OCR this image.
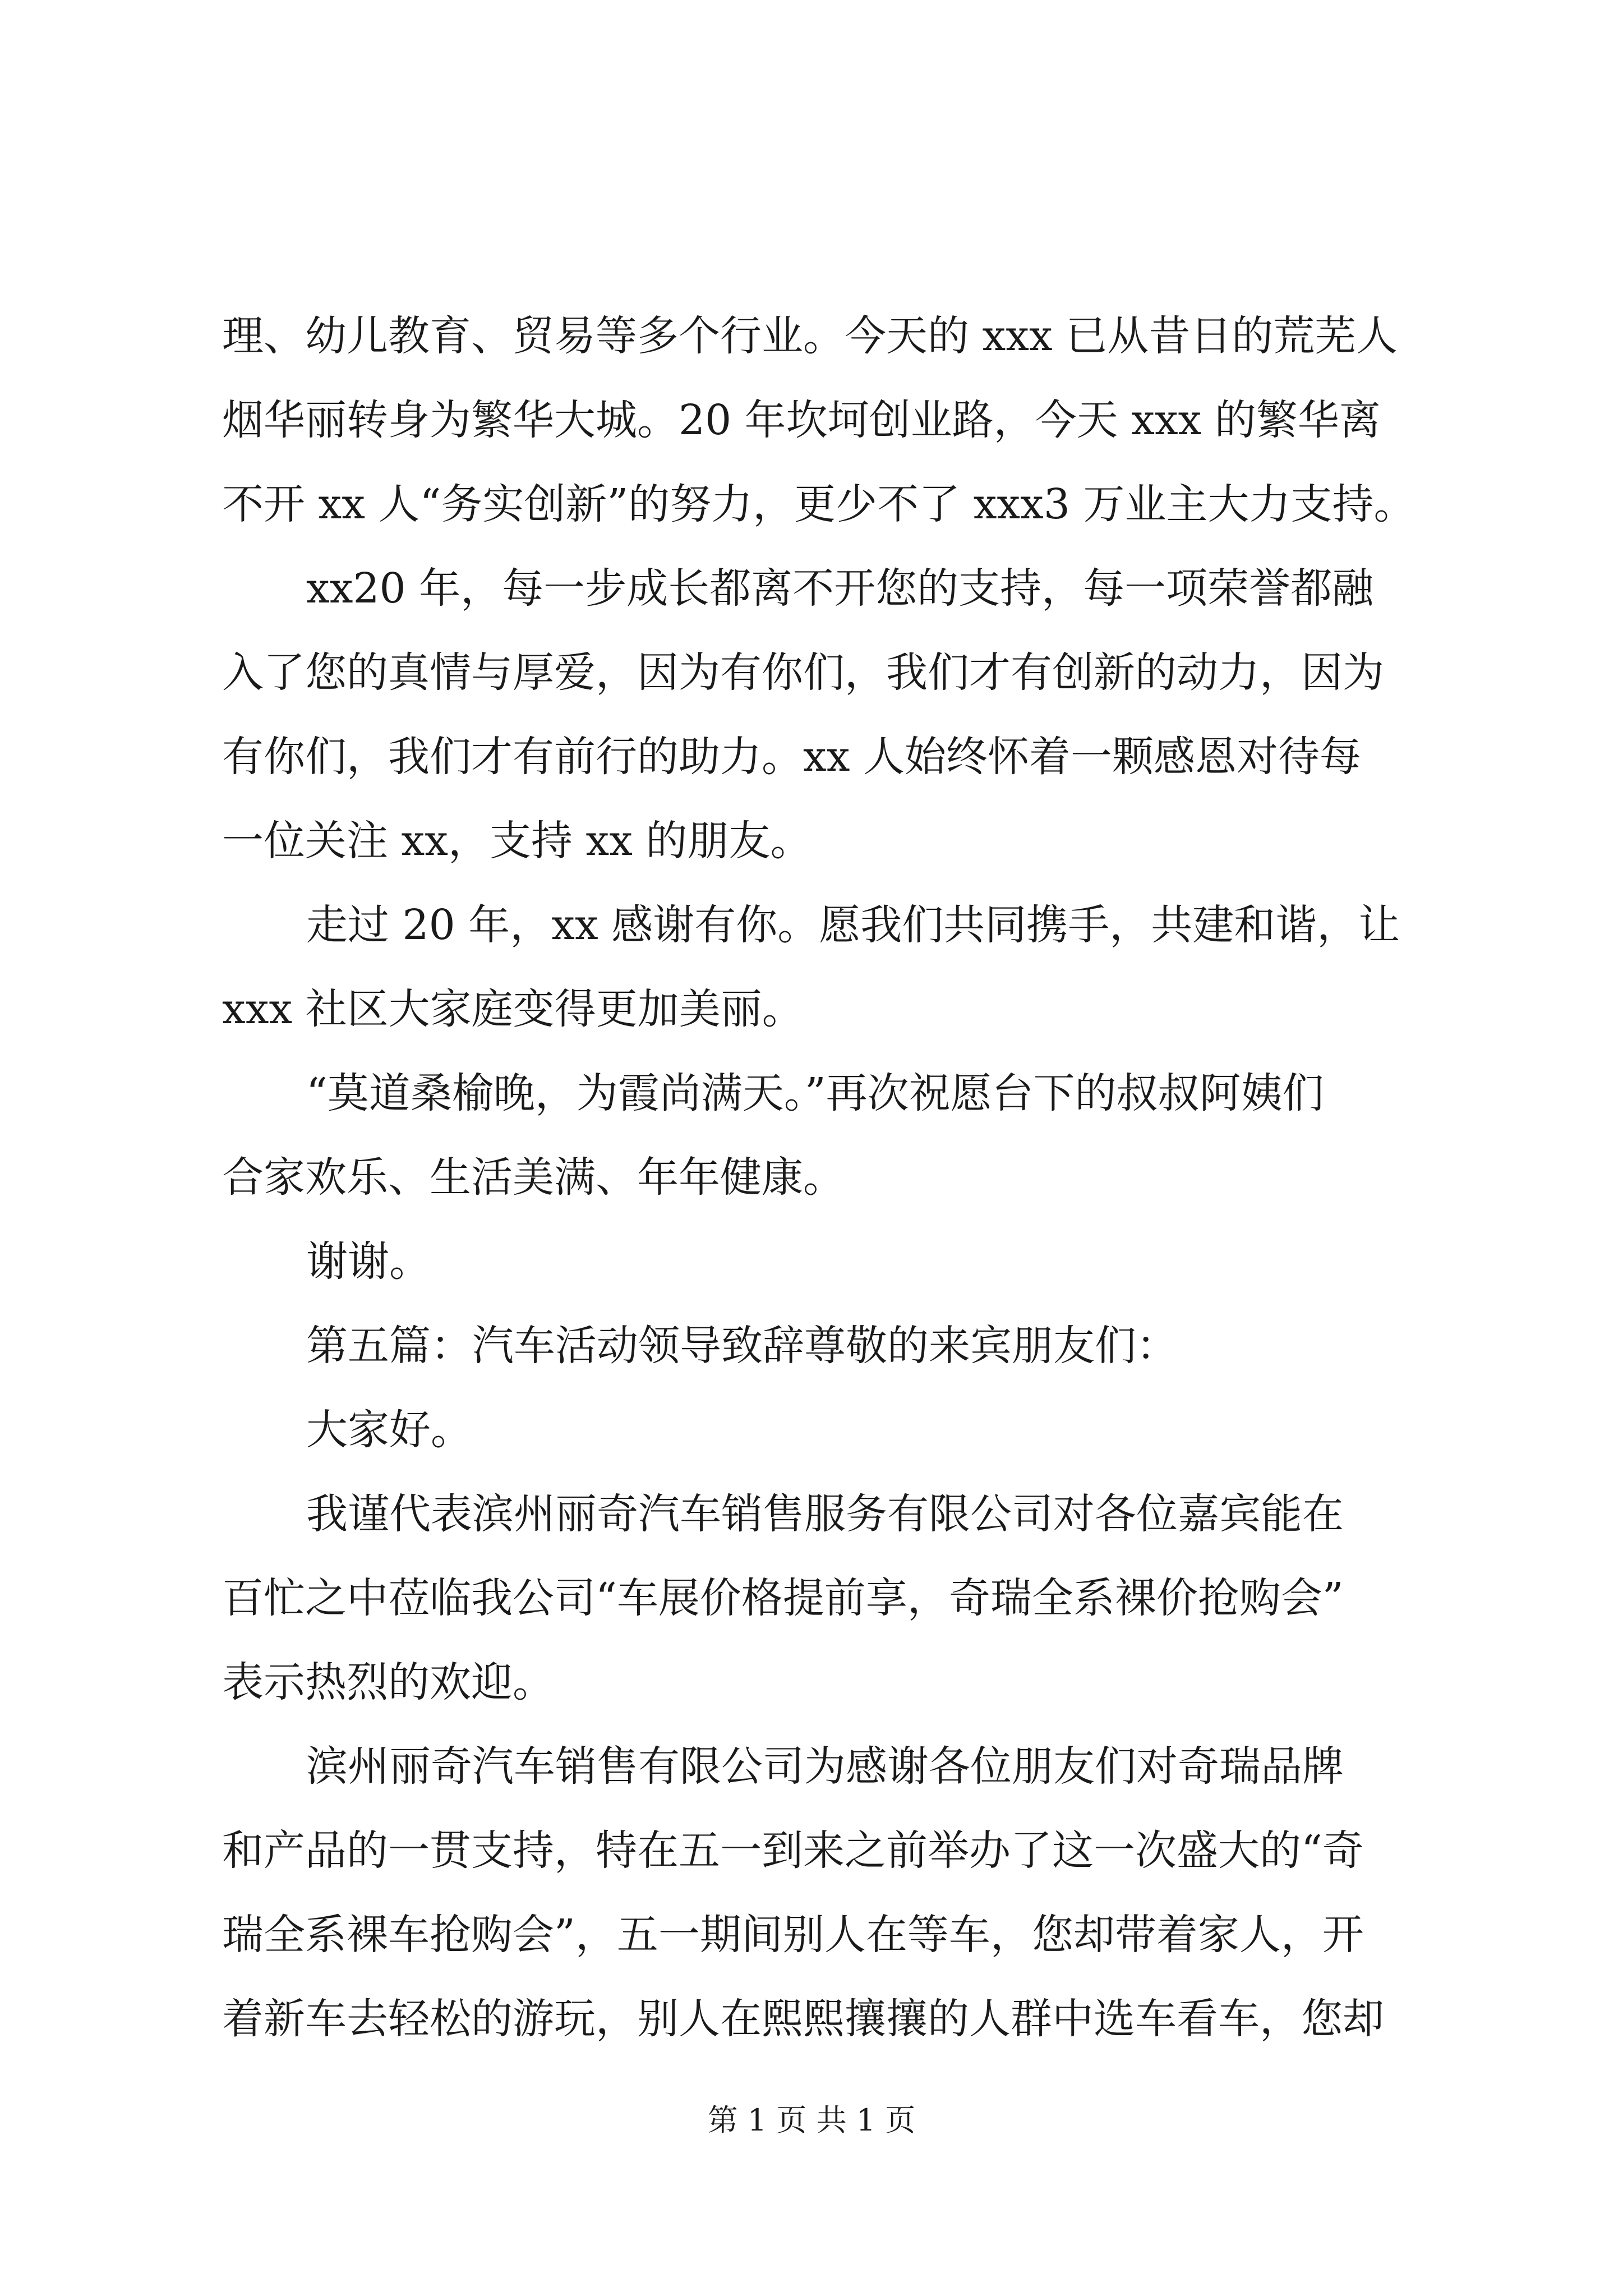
理、幼儿教育、贸易等多个行业。今天的 xxx 已从昔日的荒芜人
烟华丽转身为繁华大城。20 年坎坷创业路，今天 xxx 的繁华离
不开 xx 人“务实创新”的努力，更少不了 xxx3 万业主大力支持。
xx20 年，每一步成长都离不开您的支持，每一项荣誉都融
入了您的真情与厚爱，因为有你们，我们才有创新的动力，因为
有你们，我们才有前行的助力。xx 人始终怀着一颗感恩对待每
一位关注 xx，支持 xx 的朋友。
走过 20 年，xx 感谢有你。愿我们共同携手，共建和谐，让
xxx 社区大家庭变得更加美丽。
“莫道桑榆晚，为霞尚满天。”再次祝愿台下的叔叔阿姨们
合家欢乐、生活美满、年年健康。
谢谢。
第五篇：汽车活动领导致辞尊敬的来宾朋友们：
大家好。
我谨代表滨州丽奇汽车销售服务有限公司对各位嘉宾能在
百忙之中莅临我公司“车展价格提前享，奇瑞全系裸价抢购会”
表示热烈的欢迎。
滨州丽奇汽车销售有限公司为感谢各位朋友们对奇瑞品牌
和产品的一贯支持，特在五一到来之前举办了这一次盛大的“奇
瑞全系裸车抢购会”，五一期间别人在等车，您却带着家人，开
着新车去轻松的游玩，别人在熙熙攘攘的人群中选车看车，您却
第 1 页 共 1 页
